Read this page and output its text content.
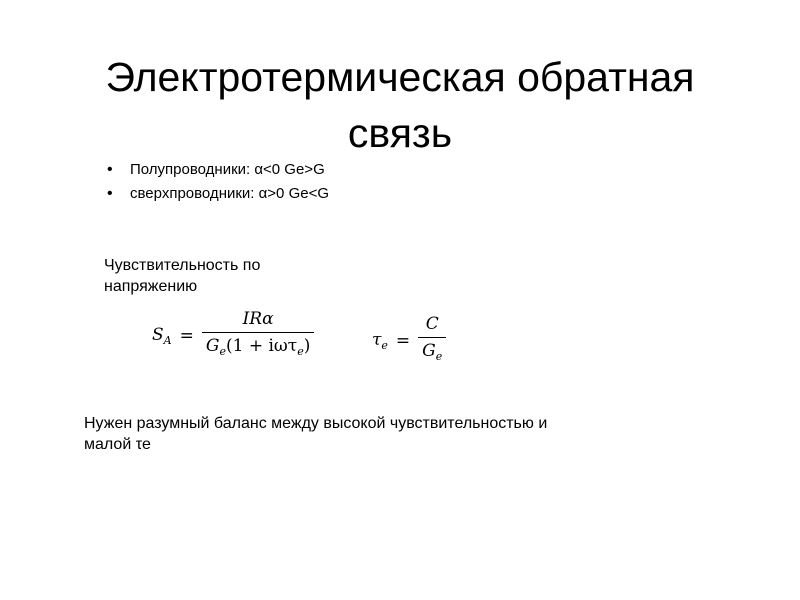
Электротермическая обратная
связь
• Полупроводники: α<0 Ge>G
• сверхпроводники: α>0 Ge<G
Чувствительность по
напряжению
$S_A = \frac{\text{IRα}}{G_e(1 + i\omega\tau_e)}$	$\tau_e = \frac{C}{G_e}$
Нужен разумный баланс между высокой чувствительностью и
малой τe
